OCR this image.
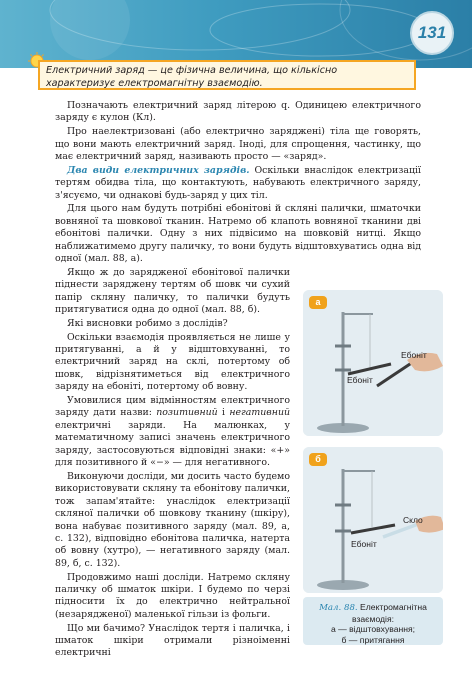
131
Електричний заряд — це фізична величина, що кількісно характеризує електромагнітну взаємодію.

Позначають електричний заряд літерою q. Одиницею електричного заряду є кулон (Кл).

Про наелектризовані (або електрично заряджені) тіла ще говорять, що вони мають електричний заряд. Іноді, для спрощення, частинку, що має електричний заряд, називають просто — «заряд».

Два види електричних зарядів. Оскільки внаслідок електризації тертям обидва тіла, що контактують, набувають електричного заряду, з'ясуємо, чи однакові будь-заряд у цих тіл.

Для цього нам будуть потрібні ебонітові й скляні палички, шматочки вовняної та шовкової тканин. Натремо об клапоть вовняної тканини дві ебонітові палички. Одну з них підвісимо на шовковій нитці. Якщо наближатимемо другу паличку, то вони будуть відштовхуватись одна від одної (мал. 88, а).

Якщо ж до зарядженої ебонітової палички піднести заряджену тертям об шовк чи сухий папір скляну паличку, то палички будуть притягуватися одна до одної (мал. 88, б).

Які висновки робимо з дослідів?

Оскільки взаємодія проявляється не лише у притягуванні, а й у відштовхуванні, то електричний заряд на склі, потертому об шовк, відрізнятиметься від електричного заряду на ебоніті, потертому об вовну.

Умовилися цим відмінностям електричного заряду дати назви: позитивний і негативний електричні заряди. На малюнках, у математичному записі значень електричного заряду, застосовуються відповідні знаки: «+» для позитивного й «−» — для негативного.

Виконуючи досліди, ми досить часто будемо використовувати скляну та ебонітову палички, тож запам'ятайте: унаслідок електризації скляної палички об шовкову тканину (шкіру), вона набуває позитивного заряду (мал. 89, а, с. 132), відповідно ебонітова паличка, натерта об вовну (хутро), — негативного заряду (мал. 89, б, с. 132).

Продовжимо наші досліди. Натремо скляну паличку об шматок шкіри. І будемо по черзі підносити їх до електрично нейтральної (незарядженої) маленької гільзи із фольги.

Що ми бачимо? Унаслідок тертя і паличка, і шматок шкіри отримали різноіменні електричні

а
Ебоніт
Ебоніт
б
Скло
Ебоніт
Мал. 88. Електромагнітна взаємодія:
а — відштовхування;
б — притягання
